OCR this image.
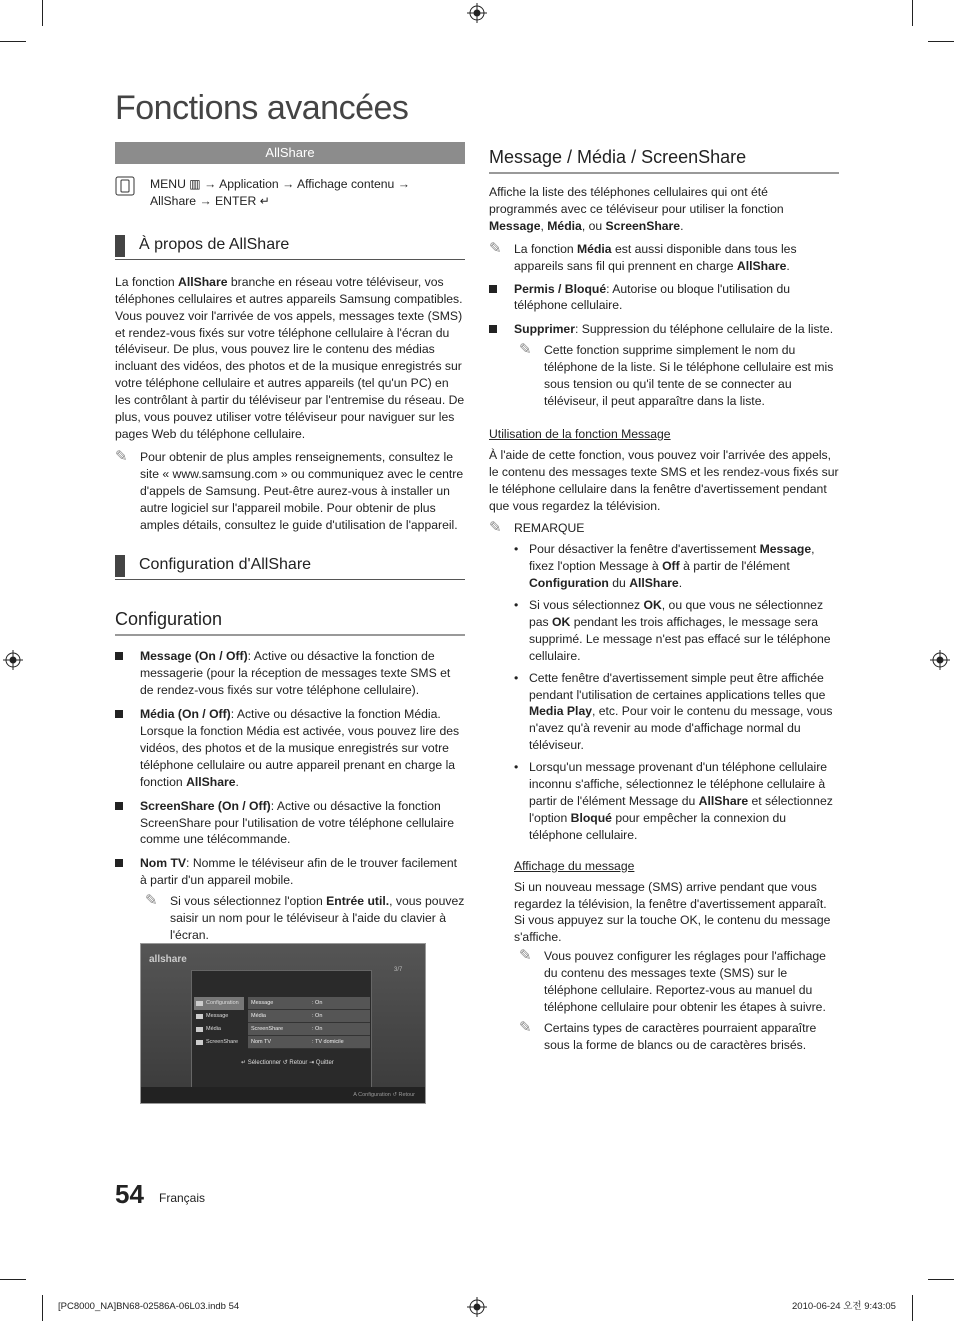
Fonctions avancées
AllShare
MENU ▥ → Application → Affichage contenu →
AllShare → ENTER ↵
À propos de AllShare

La fonction AllShare branche en réseau votre téléviseur, vos téléphones cellulaires et autres appareils Samsung compatibles. Vous pouvez voir l'arrivée de vos appels, messages texte (SMS) et rendez-vous fixés sur votre téléphone cellulaire à l'écran du téléviseur. De plus, vous pouvez lire le contenu des médias incluant des vidéos, des photos et de la musique enregistrés sur votre téléphone cellulaire et autres appareils (tel qu'un PC) en les contrôlant à partir du téléviseur par l'entremise du réseau. De plus, vous pouvez utiliser votre téléviseur pour naviguer sur les pages Web du téléphone cellulaire.

✎ Pour obtenir de plus amples renseignements, consultez le site « www.samsung.com » ou communiquez avec le centre d'appels de Samsung. Peut-être aurez-vous à installer un autre logiciel sur l'appareil mobile. Pour obtenir de plus amples détails, consultez le guide d'utilisation de l'appareil.
Configuration d'AllShare
Configuration
Message (On / Off): Active ou désactive la fonction de messagerie (pour la réception de messages texte SMS et de rendez-vous fixés sur votre téléphone cellulaire).
Média (On / Off): Active ou désactive la fonction Média. Lorsque la fonction Média est activée, vous pouvez lire des vidéos, des photos et de la musique enregistrés sur votre téléphone cellulaire ou autre appareil prenant en charge la fonction AllShare.
ScreenShare (On / Off): Active ou désactive la fonction ScreenShare pour l'utilisation de votre téléphone cellulaire comme une télécommande.
Nom TV: Nomme le téléviseur afin de le trouver facilement à partir d'un appareil mobile.
✎ Si vous sélectionnez l'option Entrée util., vous pouvez saisir un nom pour le téléviseur à l'aide du clavier à l'écran.
allshare
3/7
Configuration
Message
Média
ScreenShare
Message	: On
Média	: On
ScreenShare	: On
Nom TV	: TV domicile
↵ Sélectionner ↺ Retour ⇥ Quitter
A Configuration ↺ Retour
Message / Média / ScreenShare

Affiche la liste des téléphones cellulaires qui ont été programmés avec ce téléviseur pour utiliser la fonction Message, Média, ou ScreenShare.

✎ La fonction Média est aussi disponible dans tous les appareils sans fil qui prennent en charge AllShare.
Permis / Bloqué: Autorise ou bloque l'utilisation du téléphone cellulaire.
Supprimer: Suppression du téléphone cellulaire de la liste.
✎ Cette fonction supprime simplement le nom du téléphone de la liste. Si le téléphone cellulaire est mis sous tension ou qu'il tente de se connecter au téléviseur, il peut apparaître dans la liste.
Utilisation de la fonction Message

À l'aide de cette fonction, vous pouvez voir l'arrivée des appels, le contenu des messages texte SMS et les rendez-vous fixés sur le téléphone cellulaire dans la fenêtre d'avertissement pendant que vous regardez la télévision.

✎ REMARQUE
• Pour désactiver la fenêtre d'avertissement Message, fixez l'option Message à Off à partir de l'élément Configuration du AllShare.
• Si vous sélectionnez OK, ou que vous ne sélectionnez pas OK pendant les trois affichages, le message sera supprimé. Le message n'est pas effacé sur le téléphone cellulaire.
• Cette fenêtre d'avertissement simple peut être affichée pendant l'utilisation de certaines applications telles que Media Play, etc. Pour voir le contenu du message, vous n'avez qu'à revenir au mode d'affichage normal du téléviseur.
• Lorsqu'un message provenant d'un téléphone cellulaire inconnu s'affiche, sélectionnez le téléphone cellulaire à partir de l'élément Message du AllShare et sélectionnez l'option Bloqué pour empêcher la connexion du téléphone cellulaire.
Affichage du message

Si un nouveau message (SMS) arrive pendant que vous regardez la télévision, la fenêtre d'avertissement apparaît. Si vous appuyez sur la touche OK, le contenu du message s'affiche.

✎ Vous pouvez configurer les réglages pour l'affichage du contenu des messages texte (SMS) sur le téléphone cellulaire. Reportez-vous au manuel du téléphone cellulaire pour obtenir les étapes à suivre.
✎ Certains types de caractères pourraient apparaître sous la forme de blancs ou de caractères brisés.
54 Français
[PC8000_NA]BN68-02586A-06L03.indb 54	2010-06-24 오전 9:43:05
